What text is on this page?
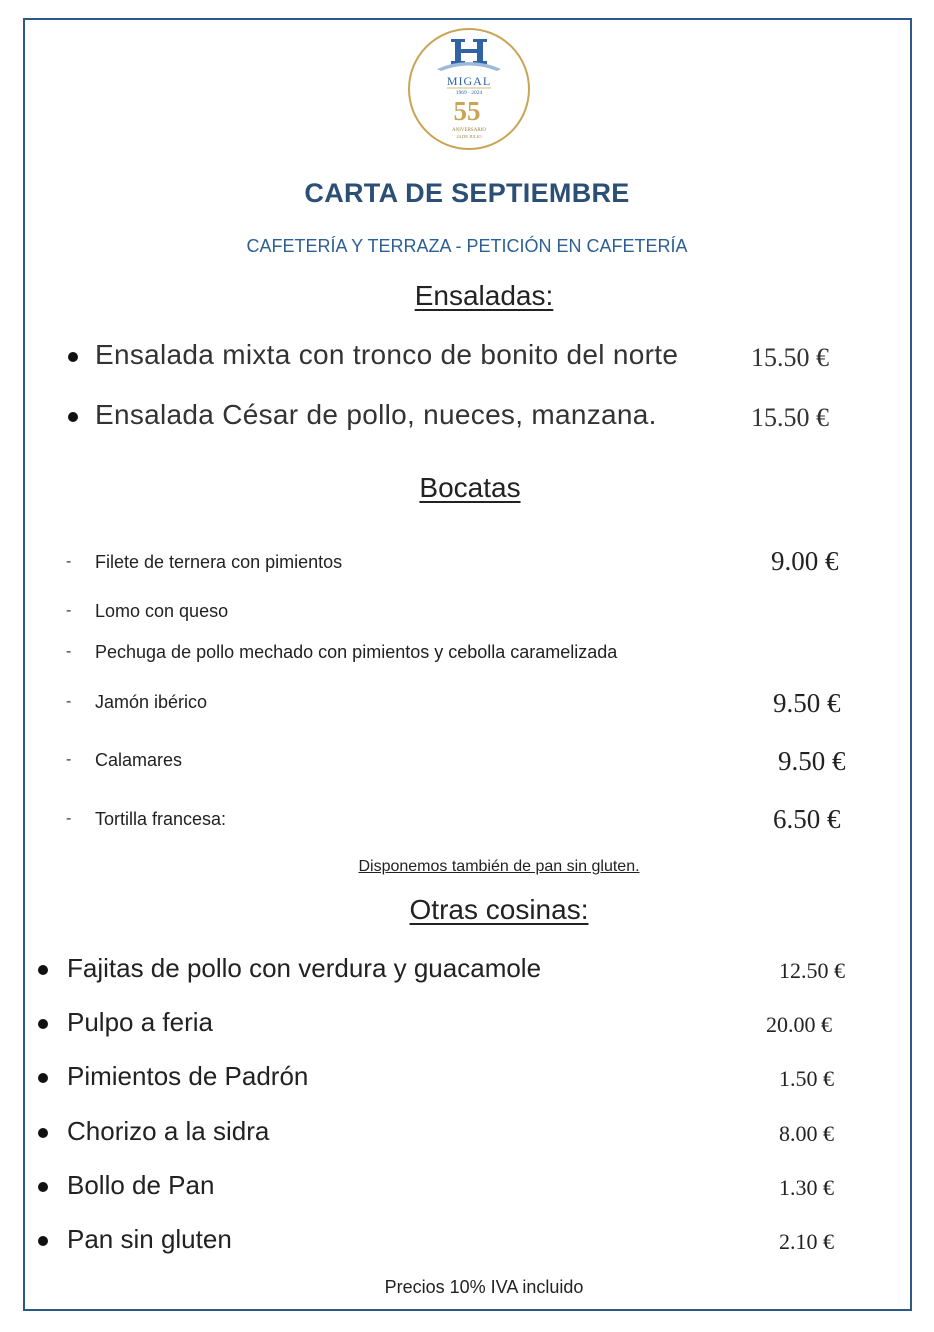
MIGAL
1969 · 2024
55
ANIVERSARIO
24 DE JULIO
CARTA DE SEPTIEMBRE
CAFETERÍA Y TERRAZA - PETICIÓN EN CAFETERÍA
Ensaladas:
Ensalada mixta con tronco de bonito del norte	15.50 €
Ensalada César de pollo, nueces, manzana.	15.50 €
Bocatas
- Filete de ternera con pimientos	9.00 €
- Lomo con queso
- Pechuga de pollo mechado con pimientos y cebolla caramelizada
- Jamón ibérico	9.50 €
- Calamares	9.50 €
- Tortilla francesa:	6.50 €
Disponemos también de pan sin gluten.
Otras cosinas:
Fajitas de pollo con verdura y guacamole	12.50 €
Pulpo a feria	20.00 €
Pimientos de Padrón	1.50 €
Chorizo a la sidra	8.00 €
Bollo de Pan	1.30 €
Pan sin gluten	2.10 €
Precios 10% IVA incluido
